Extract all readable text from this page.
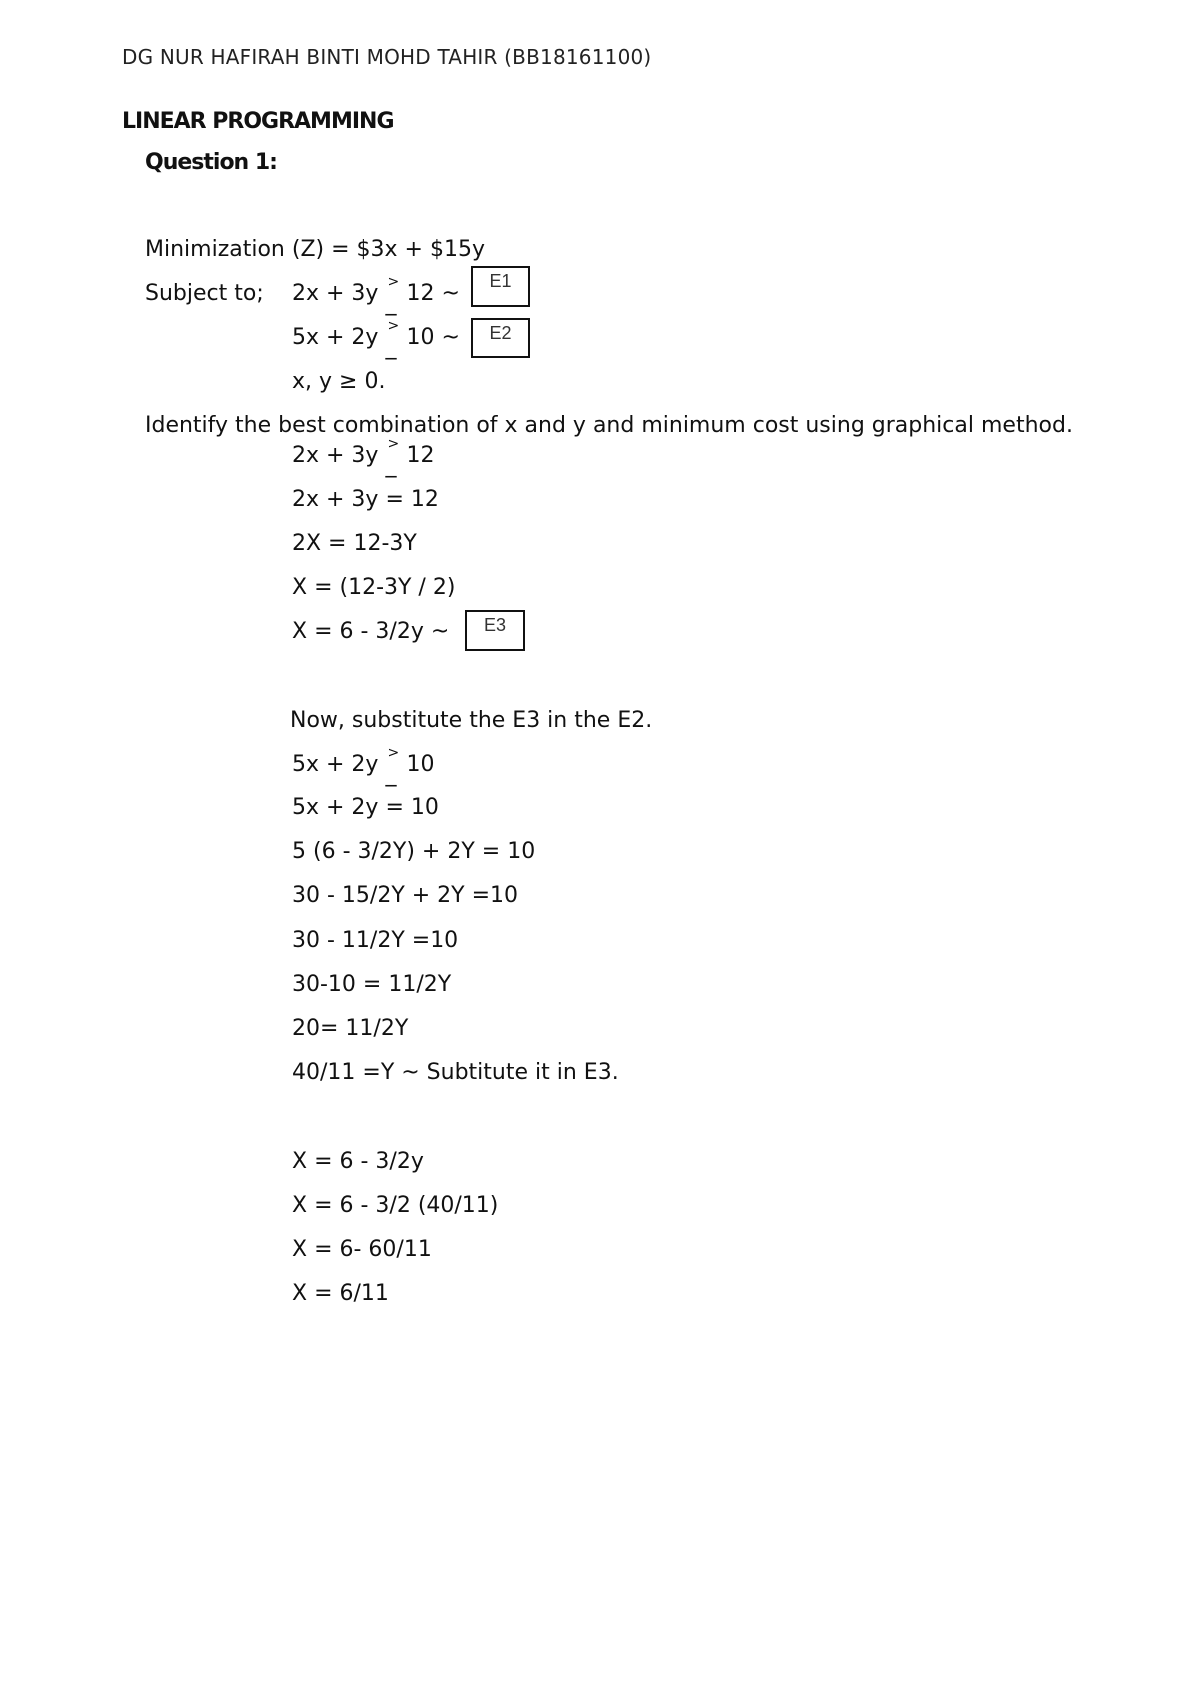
DG NUR HAFIRAH BINTI MOHD TAHIR (BB18161100)
LINEAR PROGRAMMING
Question 1:
Minimization (Z) = $3x + $15y
Subject to; 2x + 3y >
_ 12 ~	E1
5x + 2y >
_ 10 ~	E2
x, y ≥ 0.
Identify the best combination of x and y and minimum cost using graphical method.
2x + 3y >
_ 12
2x + 3y = 12
2X = 12-3Y
X = (12-3Y / 2)
X = 6 - 3/2y ~	E3
Now, substitute the E3 in the E2.
5x + 2y >
_ 10
5x + 2y = 10
5 (6 - 3/2Y) + 2Y = 10
30 - 15/2Y + 2Y =10
30 - 11/2Y =10
30-10 = 11/2Y
20= 11/2Y
40/11 =Y ~ Subtitute it in E3.
X = 6 - 3/2y
X = 6 - 3/2 (40/11)
X = 6- 60/11
X = 6/11
